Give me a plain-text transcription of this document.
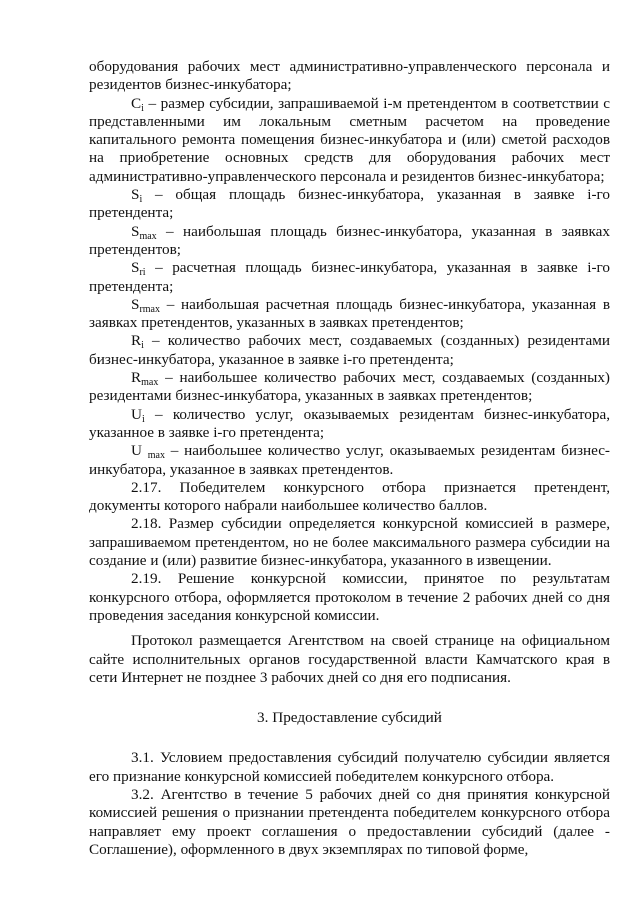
оборудования рабочих мест административно-управленческого персонала и резидентов бизнес-инкубатора;

$C_i$ – размер субсидии, запрашиваемой i-м претендентом в соответствии с представленными им локальным сметным расчетом на проведение капитального ремонта помещения бизнес-инкубатора и (или) сметой расходов на приобретение основных средств для оборудования рабочих мест административно-управленческого персонала и резидентов бизнес-инкубатора;

$S_i$ – общая площадь бизнес-инкубатора, указанная в заявке i-го претендента;

$S_{max}$ – наибольшая площадь бизнес-инкубатора, указанная в заявках претендентов;

$S_{ri}$ – расчетная площадь бизнес-инкубатора, указанная в заявке i-го претендента;

$S_{rmax}$ – наибольшая расчетная площадь бизнес-инкубатора, указанная в заявках претендентов, указанных в заявках претендентов;

$R_i$ – количество рабочих мест, создаваемых (созданных) резидентами бизнес-инкубатора, указанное в заявке i-го претендента;

$R_{max}$ – наибольшее количество рабочих мест, создаваемых (созданных) резидентами бизнес-инкубатора, указанных в заявках претендентов;

$U_i$ – количество услуг, оказываемых резидентам бизнес-инкубатора, указанное в заявке i-го претендента;

U $_{max}$ – наибольшее количество услуг, оказываемых резидентам бизнес-инкубатора, указанное в заявках претендентов.

2.17. Победителем конкурсного отбора признается претендент, документы которого набрали наибольшее количество баллов.

2.18. Размер субсидии определяется конкурсной комиссией в размере, запрашиваемом претендентом, но не более максимального размера субсидии на создание и (или) развитие бизнес-инкубатора, указанного в извещении.

2.19. Решение конкурсной комиссии, принятое по результатам конкурсного отбора, оформляется протоколом в течение 2 рабочих дней со дня проведения заседания конкурсной комиссии.

Протокол размещается Агентством на своей странице на официальном сайте исполнительных органов государственной власти Камчатского края в сети Интернет не позднее 3 рабочих дней со дня его подписания.

3. Предоставление субсидий

3.1. Условием предоставления субсидий получателю субсидии является его признание конкурсной комиссией победителем конкурсного отбора.

3.2. Агентство в течение 5 рабочих дней со дня принятия конкурсной комиссией решения о признании претендента победителем конкурсного отбора направляет ему проект соглашения о предоставлении субсидий (далее - Соглашение), оформленного в двух экземплярах по типовой форме,
